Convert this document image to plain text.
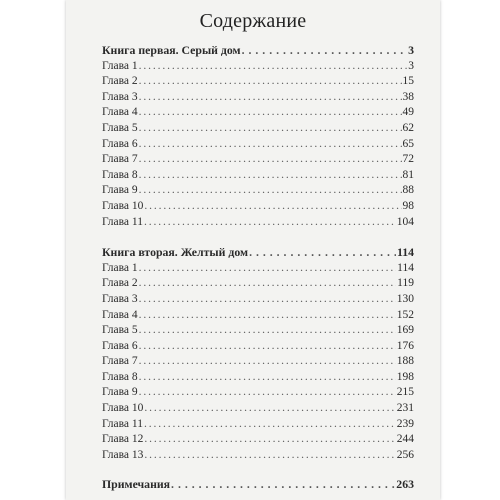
Содержание
Книга первая. Серый дом . . .	3
Глава 1 . . .	3
Глава 2 . . .	15
Глава 3 . . .	38
Глава 4 . . .	49
Глава 5 . . .	62
Глава 6 . . .	65
Глава 7 . . .	72
Глава 8 . . .	81
Глава 9 . . .	88
Глава 10 . . .	98
Глава 11 . . .	104
Книга вторая. Желтый дом . . .	114
Глава 1 . . .	114
Глава 2 . . .	119
Глава 3 . . .	130
Глава 4 . . .	152
Глава 5 . . .	169
Глава 6 . . .	176
Глава 7 . . .	188
Глава 8 . . .	198
Глава 9 . . .	215
Глава 10 . . .	231
Глава 11 . . .	239
Глава 12 . . .	244
Глава 13 . . .	256
Примечания . . .	263
